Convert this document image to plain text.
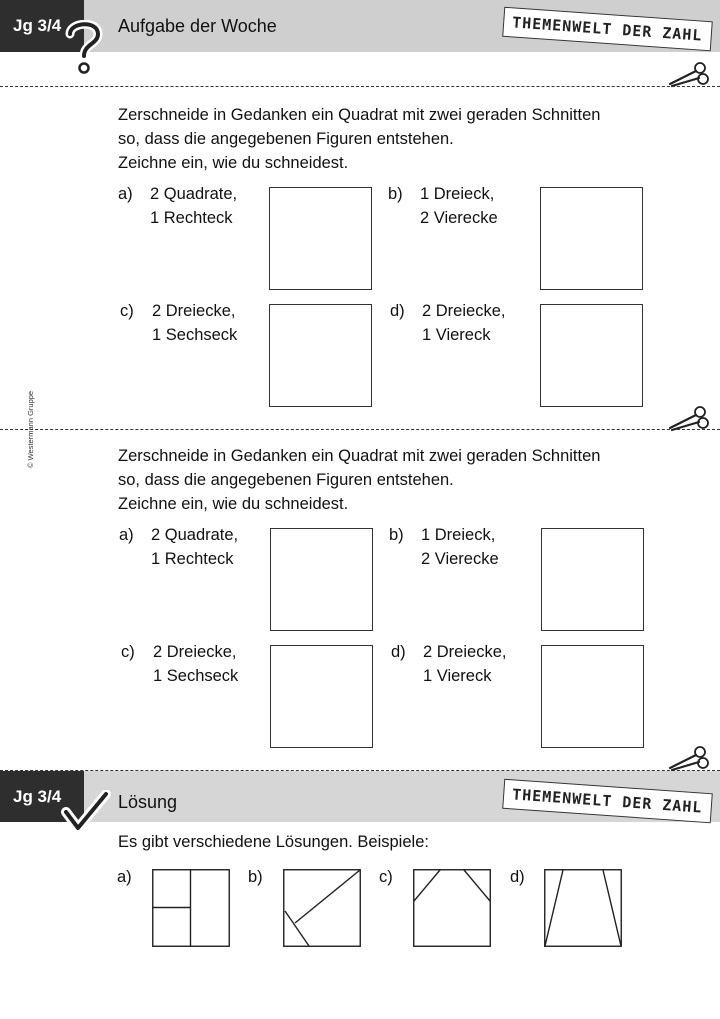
Jg 3/4	Aufgabe der Woche	THEMENWELT DER ZAHL
© Westermann Gruppe
Zerschneide in Gedanken ein Quadrat mit zwei geraden Schnitten
so, dass die angegebenen Figuren entstehen.
Zeichne ein, wie du schneidest.
a) 2 Quadrate,
1 Rechteck
b) 1 Dreieck,
2 Vierecke
c) 2 Dreiecke,
1 Sechseck
d) 2 Dreiecke,
1 Viereck
Zerschneide in Gedanken ein Quadrat mit zwei geraden Schnitten
so, dass die angegebenen Figuren entstehen.
Zeichne ein, wie du schneidest.
a) 2 Quadrate,
1 Rechteck
b) 1 Dreieck,
2 Vierecke
c) 2 Dreiecke,
1 Sechseck
d) 2 Dreiecke,
1 Viereck
Jg 3/4	Lösung	THEMENWELT DER ZAHL
Es gibt verschiedene Lösungen. Beispiele:
a)	b)	c)	d)
